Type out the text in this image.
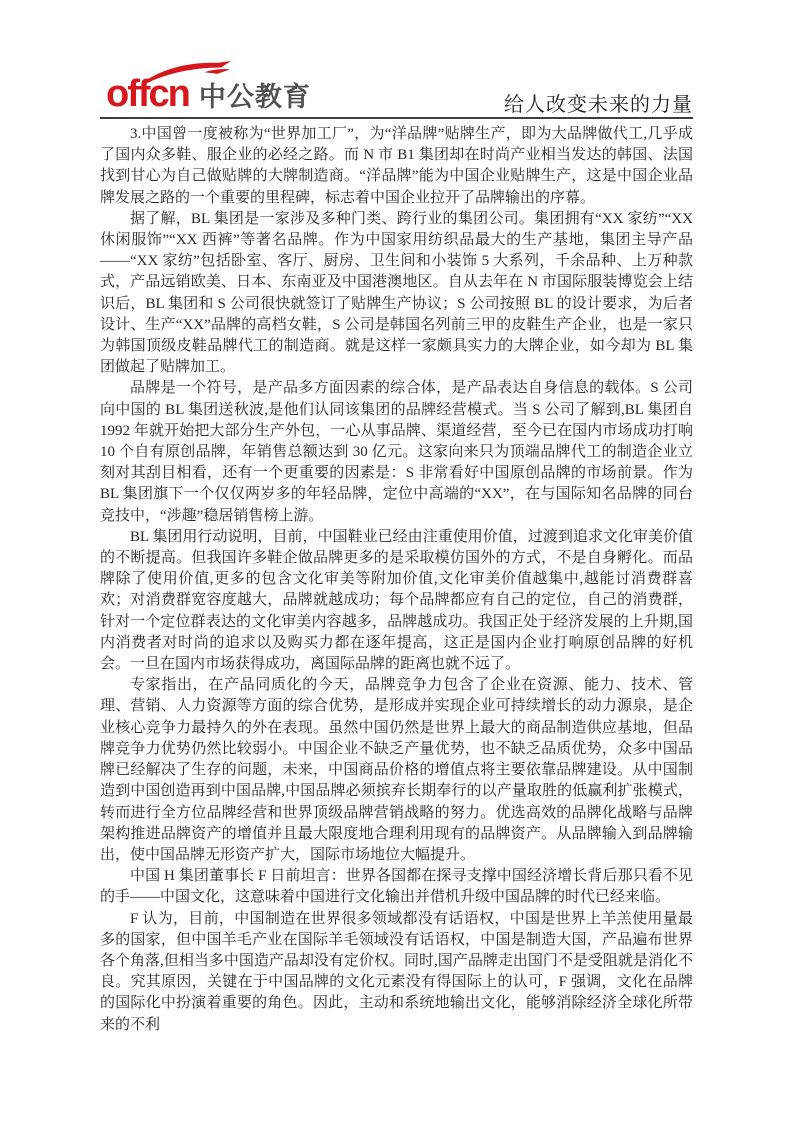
offcn 中公教育	给人改变未来的力量

3.中国曾一度被称为“世界加工厂”，为“洋品牌”贴牌生产，即为大品牌做代工,几乎成了国内众多鞋、服企业的必经之路。而 N 市 B1 集团却在时尚产业相当发达的韩国、法国找到甘心为自己做贴牌的大牌制造商。“洋品牌”能为中国企业贴牌生产，这是中国企业品牌发展之路的一个重要的里程碑，标志着中国企业拉开了品牌输出的序幕。

据了解，BL 集团是一家涉及多种门类、跨行业的集团公司。集团拥有“XX 家纺”“XX 休闲服饰”“XX 西裤”等著名品牌。作为中国家用纺织品最大的生产基地，集团主导产品——“XX 家纺”包括卧室、客厅、厨房、卫生间和小装饰 5 大系列，千余品种、上万种款式，产品远销欧美、日本、东南亚及中国港澳地区。自从去年在 N 市国际服装博览会上结识后，BL 集团和 S 公司很快就签订了贴牌生产协议；S 公司按照 BL 的设计要求，为后者设计、生产“XX”品牌的高档女鞋，S 公司是韩国名列前三甲的皮鞋生产企业，也是一家只为韩国顶级皮鞋品牌代工的制造商。就是这样一家颇具实力的大牌企业，如今却为 BL 集团做起了贴牌加工。

品牌是一个符号，是产品多方面因素的综合体，是产品表达自身信息的载体。S 公司向中国的 BL 集团送秋波,是他们认同该集团的品牌经营模式。当 S 公司了解到,BL 集团自 1992 年就开始把大部分生产外包，一心从事品牌、渠道经营，至今已在国内市场成功打响 10 个自有原创品牌，年销售总额达到 30 亿元。这家向来只为顶端品牌代工的制造企业立刻对其刮目相看，还有一个更重要的因素是：S 非常看好中国原创品牌的市场前景。作为 BL 集团旗下一个仅仅两岁多的年轻品牌，定位中高端的“XX”，在与国际知名品牌的同台竞技中，“涉趣”稳居销售榜上游。

BL 集团用行动说明，目前，中国鞋业已经由注重使用价值，过渡到追求文化审美价值的不断提高。但我国许多鞋企做品牌更多的是采取模仿国外的方式，不是自身孵化。而品牌除了使用价值,更多的包含文化审美等附加价值,文化审美价值越集中,越能讨消费群喜欢；对消费群宽容度越大，品牌就越成功；每个品牌都应有自己的定位，自己的消费群，针对一个定位群表达的文化审美内容越多，品牌越成功。我国正处于经济发展的上升期,国内消费者对时尚的追求以及购买力都在逐年提高，这正是国内企业打响原创品牌的好机会。一旦在国内市场获得成功，离国际品牌的距离也就不远了。

专家指出，在产品同质化的今天，品牌竞争力包含了企业在资源、能力、技术、管理、营销、人力资源等方面的综合优势，是形成并实现企业可持续增长的动力源泉，是企业核心竞争力最持久的外在表现。虽然中国仍然是世界上最大的商品制造供应基地，但品牌竞争力优势仍然比较弱小。中国企业不缺乏产量优势，也不缺乏品质优势，众多中国品牌已经解决了生存的问题，未来，中国商品价格的增值点将主要依靠品牌建设。从中国制造到中国创造再到中国品牌,中国品牌必须摈弃长期奉行的以产量取胜的低赢利扩张模式，转而进行全方位品牌经营和世界顶级品牌营销战略的努力。优选高效的品牌化战略与品牌架构推进品牌资产的增值并且最大限度地合理利用现有的品牌资产。从品牌输入到品牌输出，使中国品牌无形资产扩大，国际市场地位大幅提升。

中国 H 集团董事长 F 日前坦言：世界各国都在探寻支撑中国经济增长背后那只看不见的手——中国文化，这意味着中国进行文化输出并借机升级中国品牌的时代已经来临。

F 认为，目前，中国制造在世界很多领域都没有话语权，中国是世界上羊羔使用量最多的国家，但中国羊毛产业在国际羊毛领域没有话语权，中国是制造大国，产品遍布世界各个角落,但相当多中国造产品却没有定价权。同时,国产品牌走出国门不是受阻就是消化不良。究其原因，关键在于中国品牌的文化元素没有得国际上的认可，F 强调，文化在品牌的国际化中扮演着重要的角色。因此，主动和系统地输出文化，能够消除经济全球化所带来的不利
